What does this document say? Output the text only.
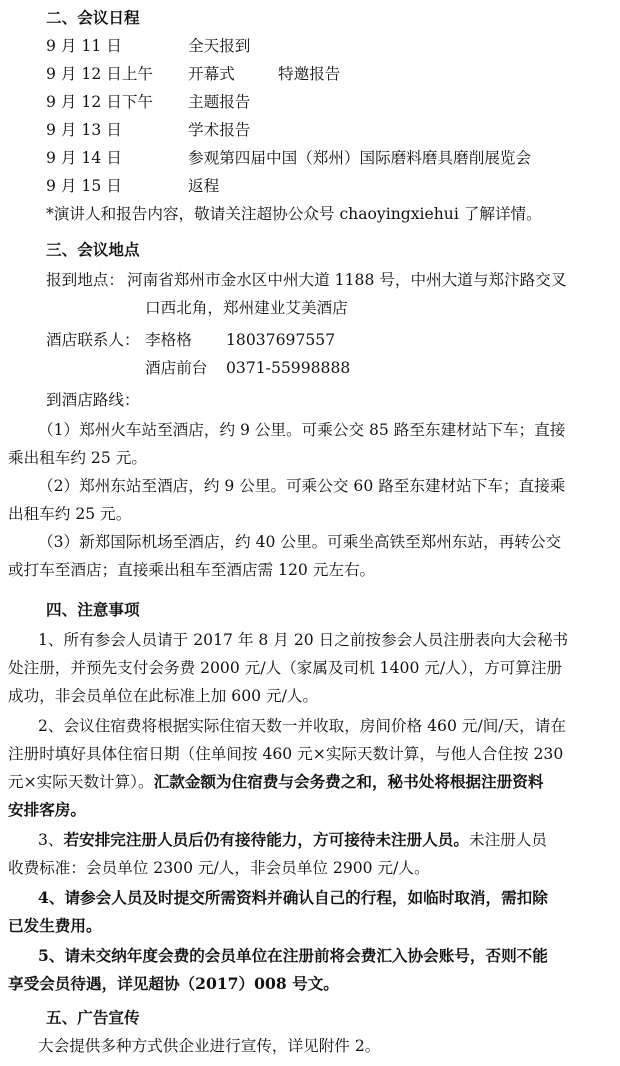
二、会议日程
9 月 11 日	全天报到
9 月 12 日上午 开幕式	特邀报告
9 月 12 日下午 主题报告
9 月 13 日	学术报告
9 月 14 日	参观第四届中国（郑州）国际磨料磨具磨削展览会
9 月 15 日	返程
*演讲人和报告内容，敬请关注超协公众号 chaoyingxiehui 了解详情。
三、会议地点
报到地点： 河南省郑州市金水区中州大道 1188 号，中州大道与郑汴路交叉
口西北角，郑州建业艾美酒店
酒店联系人： 李格格 18037697557
酒店前台 0371-55998888
到酒店路线：
（1）郑州火车站至酒店，约 9 公里。可乘公交 85 路至东建材站下车；直接
乘出租车约 25 元。
（2）郑州东站至酒店，约 9 公里。可乘公交 60 路至东建材站下车；直接乘
出租车约 25 元。
（3）新郑国际机场至酒店，约 40 公里。可乘坐高铁至郑州东站，再转公交
或打车至酒店；直接乘出租车至酒店需 120 元左右。
四、注意事项
1、所有参会人员请于 2017 年 8 月 20 日之前按参会人员注册表向大会秘书
处注册，并预先支付会务费 2000 元/人（家属及司机 1400 元/人），方可算注册
成功，非会员单位在此标准上加 600 元/人。
2、会议住宿费将根据实际住宿天数一并收取，房间价格 460 元/间/天，请在
注册时填好具体住宿日期（住单间按 460 元×实际天数计算，与他人合住按 230
元×实际天数计算）。汇款金额为住宿费与会务费之和，秘书处将根据注册资料
安排客房。
3、若安排完注册人员后仍有接待能力，方可接待未注册人员。未注册人员
收费标准：会员单位 2300 元/人，非会员单位 2900 元/人。
4、请参会人员及时提交所需资料并确认自己的行程，如临时取消，需扣除
已发生费用。
5、请未交纳年度会费的会员单位在注册前将会费汇入协会账号，否则不能
享受会员待遇，详见超协（2017）008 号文。
五、广告宣传
大会提供多种方式供企业进行宣传，详见附件 2。
